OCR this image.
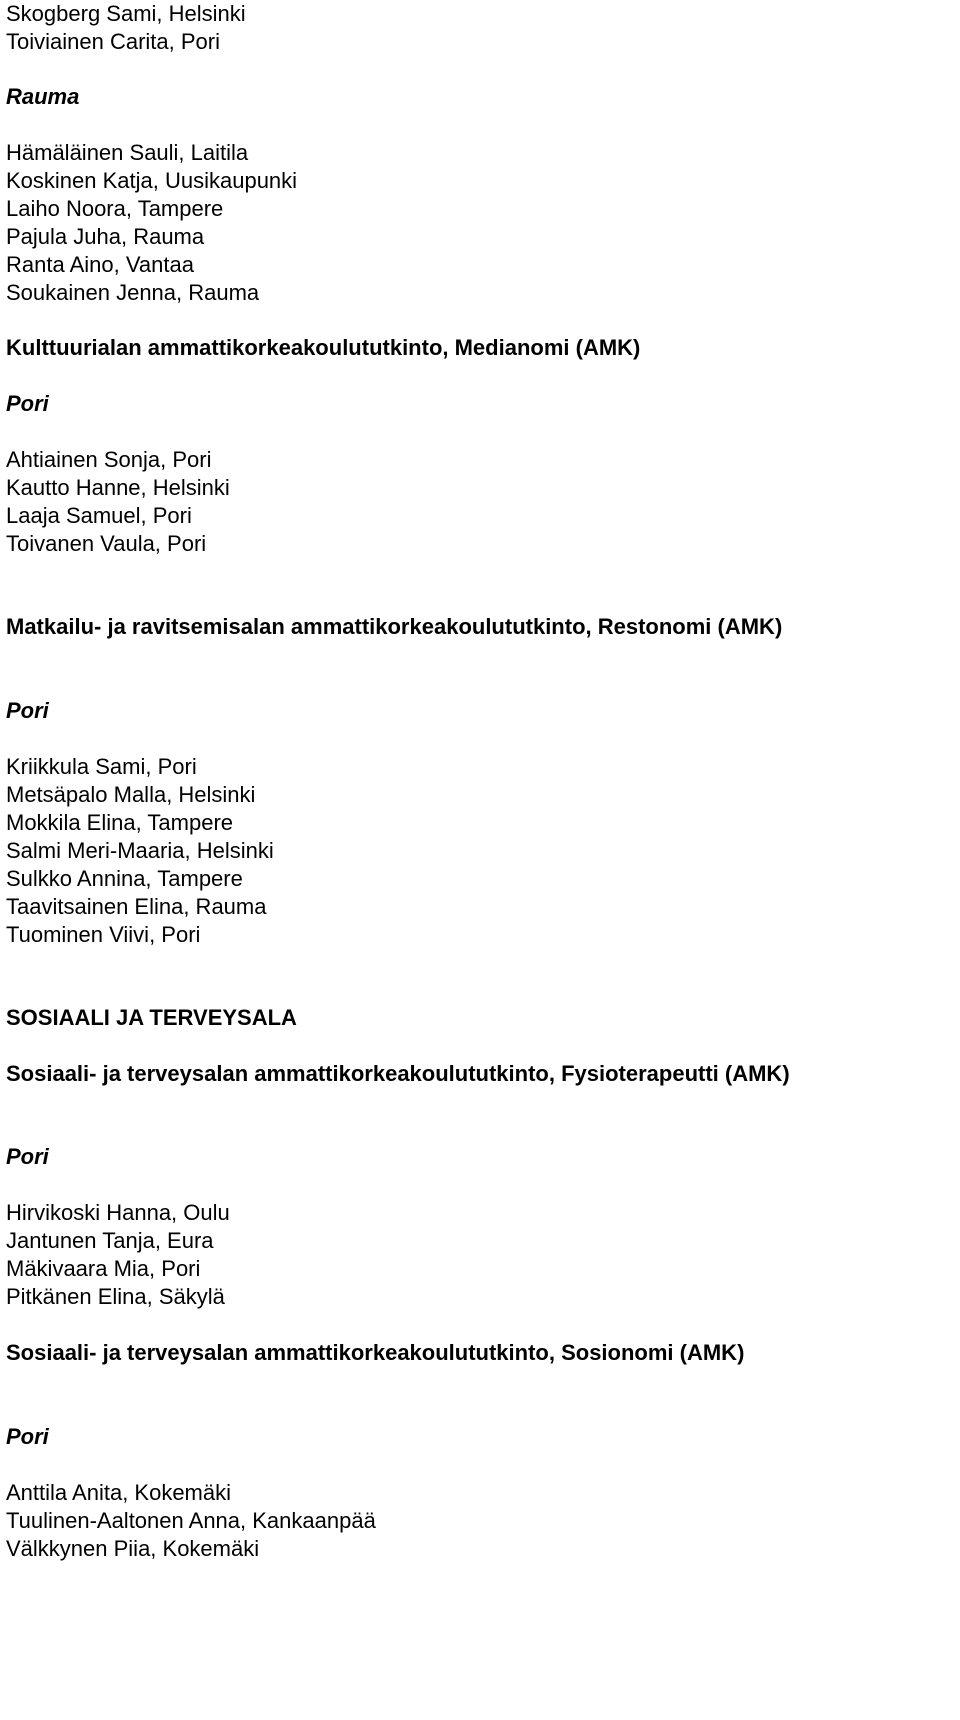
Skogberg Sami, Helsinki
Toiviainen Carita, Pori
Rauma
Hämäläinen Sauli, Laitila
Koskinen Katja, Uusikaupunki
Laiho Noora, Tampere
Pajula Juha, Rauma
Ranta Aino, Vantaa
Soukainen Jenna, Rauma
Kulttuurialan ammattikorkeakoulututkinto, Medianomi (AMK)
Pori
Ahtiainen Sonja, Pori
Kautto Hanne, Helsinki
Laaja Samuel, Pori
Toivanen Vaula, Pori
Matkailu- ja ravitsemisalan ammattikorkeakoulututkinto, Restonomi (AMK)
Pori
Kriikkula Sami, Pori
Metsäpalo Malla, Helsinki
Mokkila Elina, Tampere
Salmi Meri-Maaria, Helsinki
Sulkko Annina, Tampere
Taavitsainen Elina, Rauma
Tuominen Viivi, Pori
SOSIAALI JA TERVEYSALA
Sosiaali- ja terveysalan ammattikorkeakoulututkinto, Fysioterapeutti (AMK)
Pori
Hirvikoski Hanna, Oulu
Jantunen Tanja, Eura
Mäkivaara Mia, Pori
Pitkänen Elina, Säkylä
Sosiaali- ja terveysalan ammattikorkeakoulututkinto, Sosionomi (AMK)
Pori
Anttila Anita, Kokemäki
Tuulinen-Aaltonen Anna, Kankaanpää
Välkkynen Piia, Kokemäki
